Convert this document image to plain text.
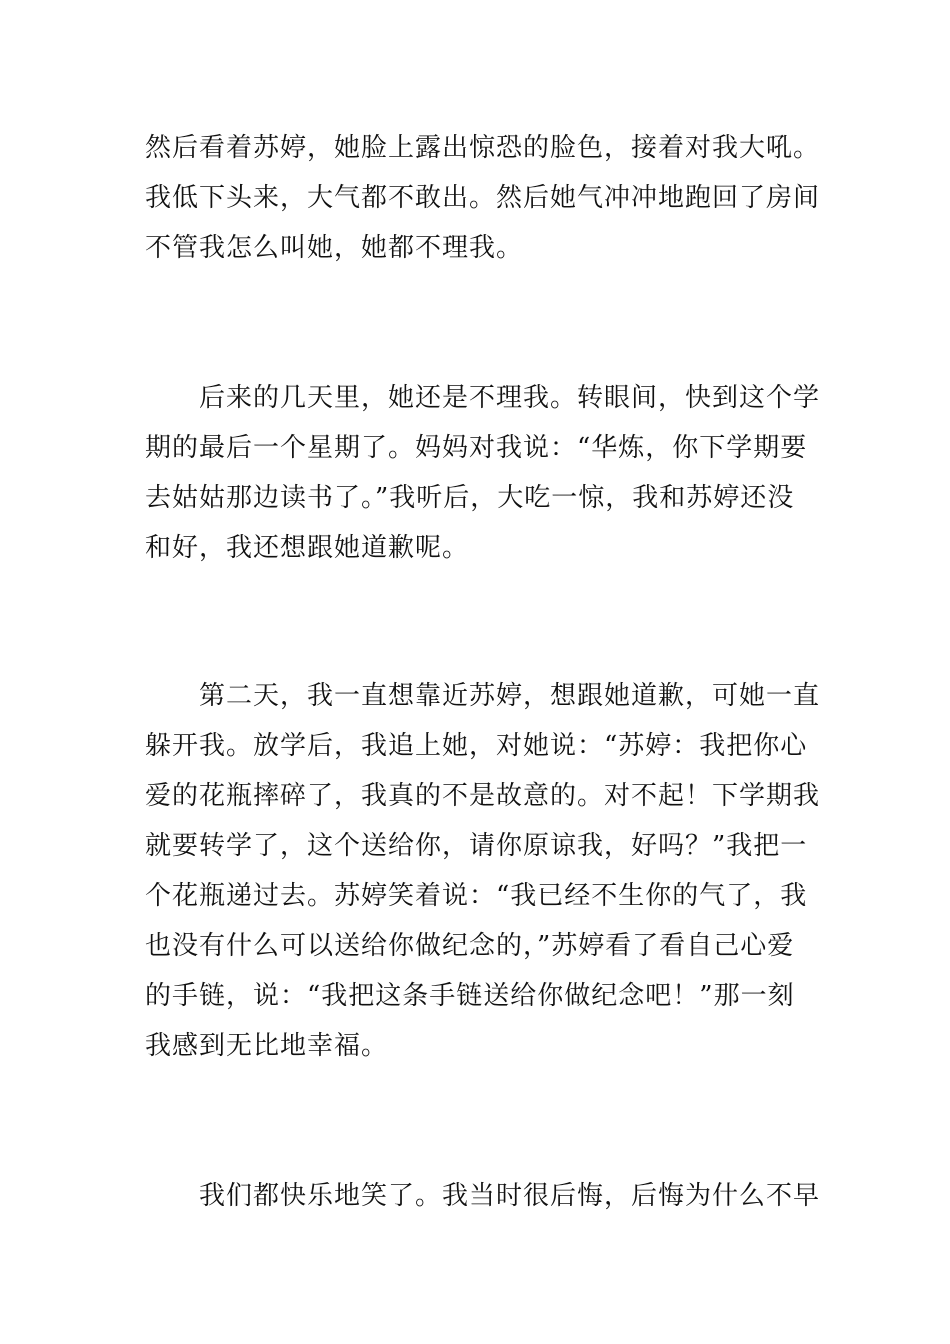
然后看着苏婷，她脸上露出惊恐的脸色，接着对我大吼。

我低下头来，大气都不敢出。然后她气冲冲地跑回了房间

不管我怎么叫她，她都不理我。

后来的几天里，她还是不理我。转眼间，快到这个学

期的最后一个星期了。妈妈对我说：“华炼，你下学期要

去姑姑那边读书了。”我听后，大吃一惊，我和苏婷还没

和好，我还想跟她道歉呢。

第二天，我一直想靠近苏婷，想跟她道歉，可她一直

躲开我。放学后，我追上她，对她说：“苏婷：我把你心

爱的花瓶摔碎了，我真的不是故意的。对不起！下学期我

就要转学了，这个送给你，请你原谅我，好吗？”我把一

个花瓶递过去。苏婷笑着说：“我已经不生你的气了，我

也没有什么可以送给你做纪念的，”苏婷看了看自己心爱

的手链，说：“我把这条手链送给你做纪念吧！”那一刻

我感到无比地幸福。

我们都快乐地笑了。我当时很后悔，后悔为什么不早
